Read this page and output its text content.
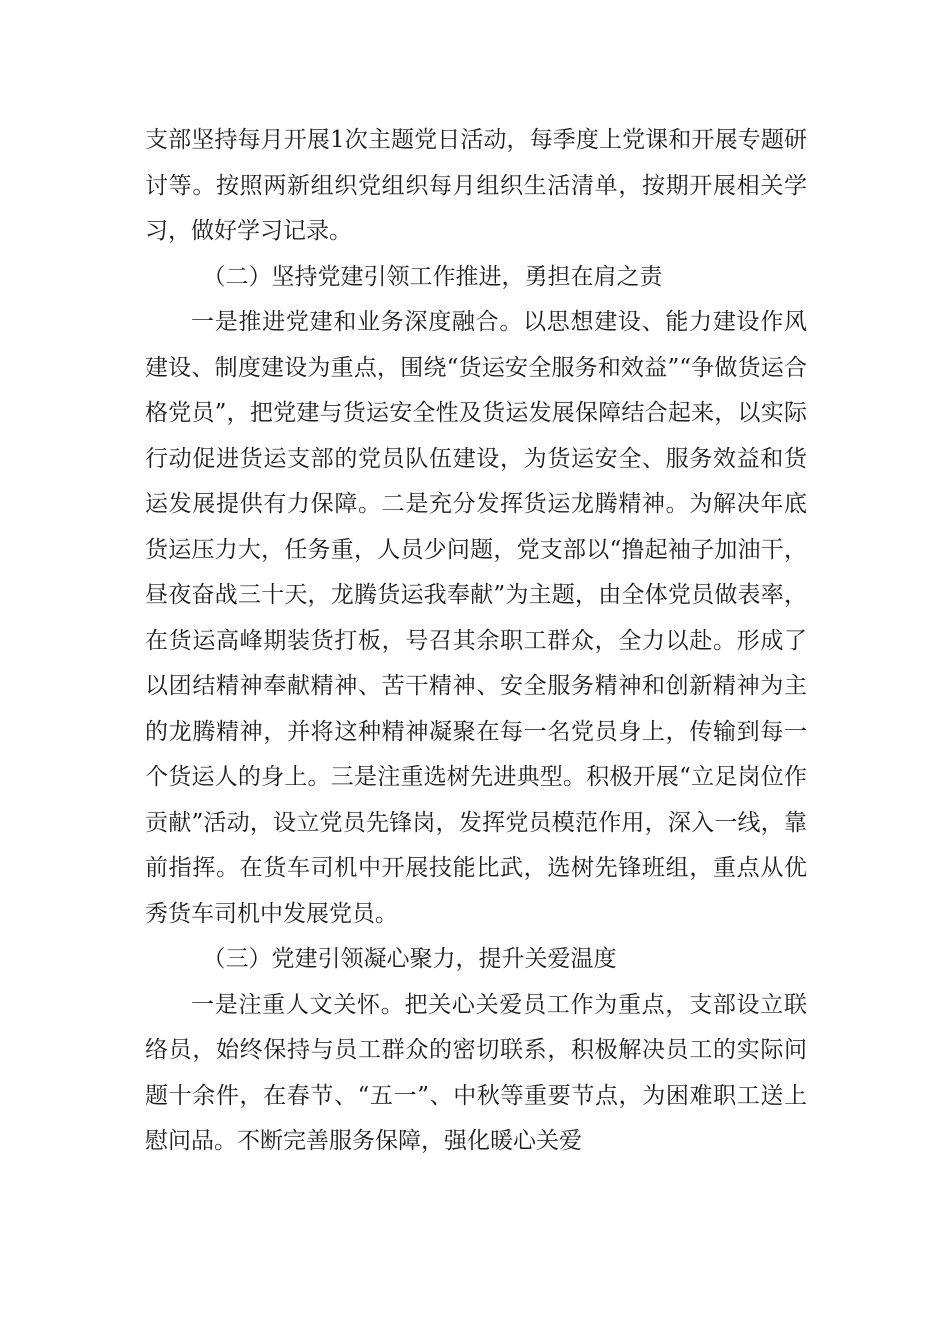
支部坚持每月开展1次主题党日活动，每季度上党课和开展专题研讨等。按照两新组织党组织每月组织生活清单，按期开展相关学习，做好学习记录。

（二）坚持党建引领工作推进，勇担在肩之责

一是推进党建和业务深度融合。以思想建设、能力建设作风建设、制度建设为重点，围绕“货运安全服务和效益”“争做货运合格党员”，把党建与货运安全性及货运发展保障结合起来，以实际行动促进货运支部的党员队伍建设，为货运安全、服务效益和货运发展提供有力保障。二是充分发挥货运龙腾精神。为解决年底货运压力大，任务重，人员少问题，党支部以“撸起袖子加油干，昼夜奋战三十天，龙腾货运我奉献”为主题，由全体党员做表率，在货运高峰期装货打板，号召其余职工群众，全力以赴。形成了以团结精神奉献精神、苦干精神、安全服务精神和创新精神为主的龙腾精神，并将这种精神凝聚在每一名党员身上，传输到每一个货运人的身上。三是注重选树先进典型。积极开展“立足岗位作贡献”活动，设立党员先锋岗，发挥党员模范作用，深入一线，靠前指挥。在货车司机中开展技能比武，选树先锋班组，重点从优秀货车司机中发展党员。

（三）党建引领凝心聚力，提升关爱温度

一是注重人文关怀。把关心关爱员工作为重点，支部设立联络员，始终保持与员工群众的密切联系，积极解决员工的实际问题十余件，在春节、“五一”、中秋等重要节点，为困难职工送上慰问品。不断完善服务保障，强化暖心关爱
